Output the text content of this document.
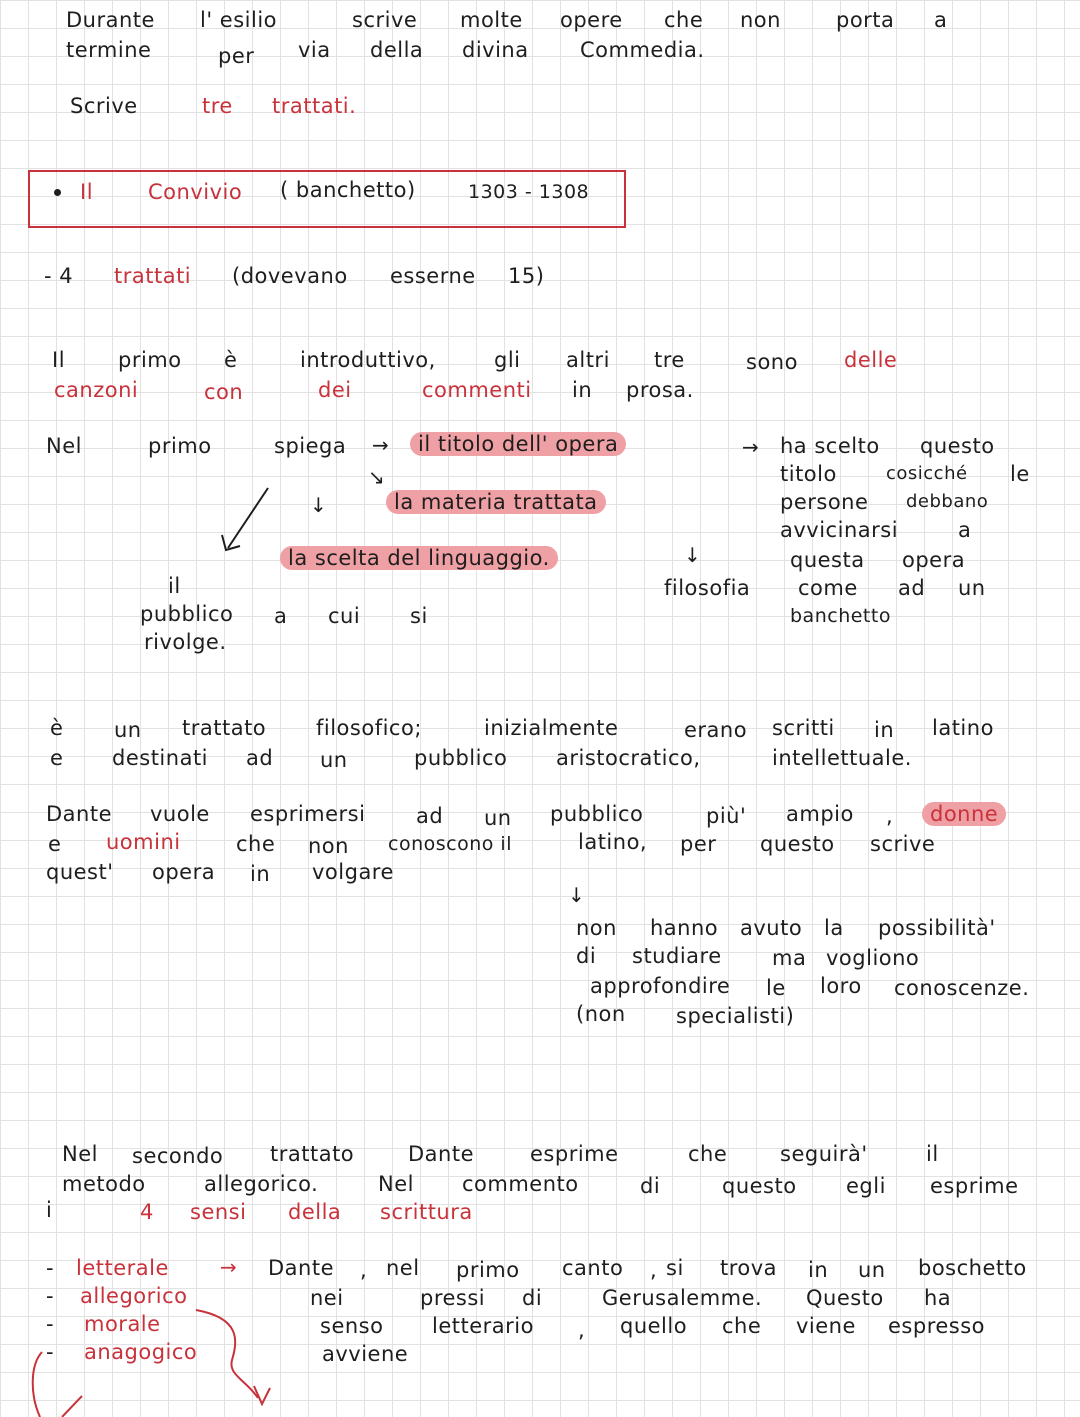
Durante l' esilio	scrive molte opere che non	porta a
termine	per via della divina Commedia.
Scrive	tre trattati.
Il	Convivio ( banchetto)	1303 - 1308
- 4 trattati (dovevano esserne 15)
Il	primo è	introduttivo,	gli altri tre	sono delle
canzoni	con	dei	commenti in prosa.
Nel	primo	spiega →
↘
↓
il titolo dell' opera	→
la materia trattata
la scelta del linguaggio.	↓
filosofia
il
pubblico a cui si
rivolge.
ha scelto questo
titolo	cosicché le
persone debbano
avvicinarsi	a
questa opera
come ad un
banchetto
è un trattato filosofico;	inizialmente	erano scritti in latino
e destinati ad un	pubblico aristocratico,	intellettuale.
Dante vuole esprimersi ad un pubblico	più' ampio ,	donne
e uomini	che non conoscono il	latino, per questo scrive
quest' opera in volgare
↓
non hanno avuto la possibilità'
di studiare ma vogliono
approfondire le loro conoscenze.
(non specialisti)
Nel secondo trattato	Dante	esprime	che	seguirà'	il
metodo	allegorico.	Nel commento	di	questo egli esprime
i	4 sensi della scrittura
-
-
-
-
letterale
allegorico
morale
anagogico
→ Dante , nel primo canto , si trova in un boschetto
nei	pressi di	Gerusalemme. Questo ha
senso letterario , quello che viene espresso
avviene
